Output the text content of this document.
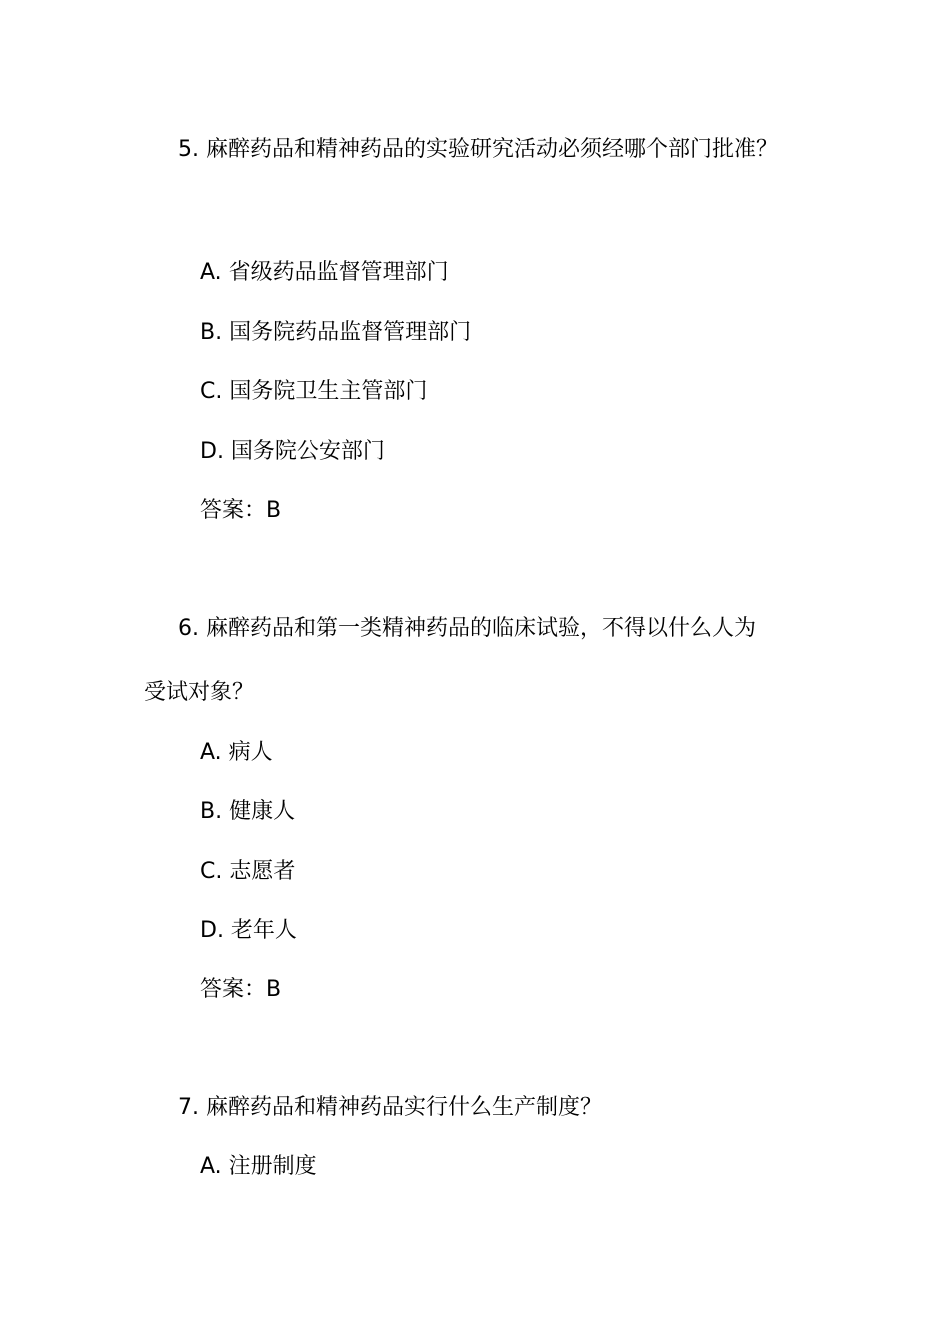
5. 麻醉药品和精神药品的实验研究活动必须经哪个部门批准？

A. 省级药品监督管理部门

B. 国务院药品监督管理部门

C. 国务院卫生主管部门

D. 国务院公安部门

答案：B

6. 麻醉药品和第一类精神药品的临床试验，不得以什么人为

受试对象？

A. 病人

B. 健康人

C. 志愿者

D. 老年人

答案：B

7. 麻醉药品和精神药品实行什么生产制度？

A. 注册制度
